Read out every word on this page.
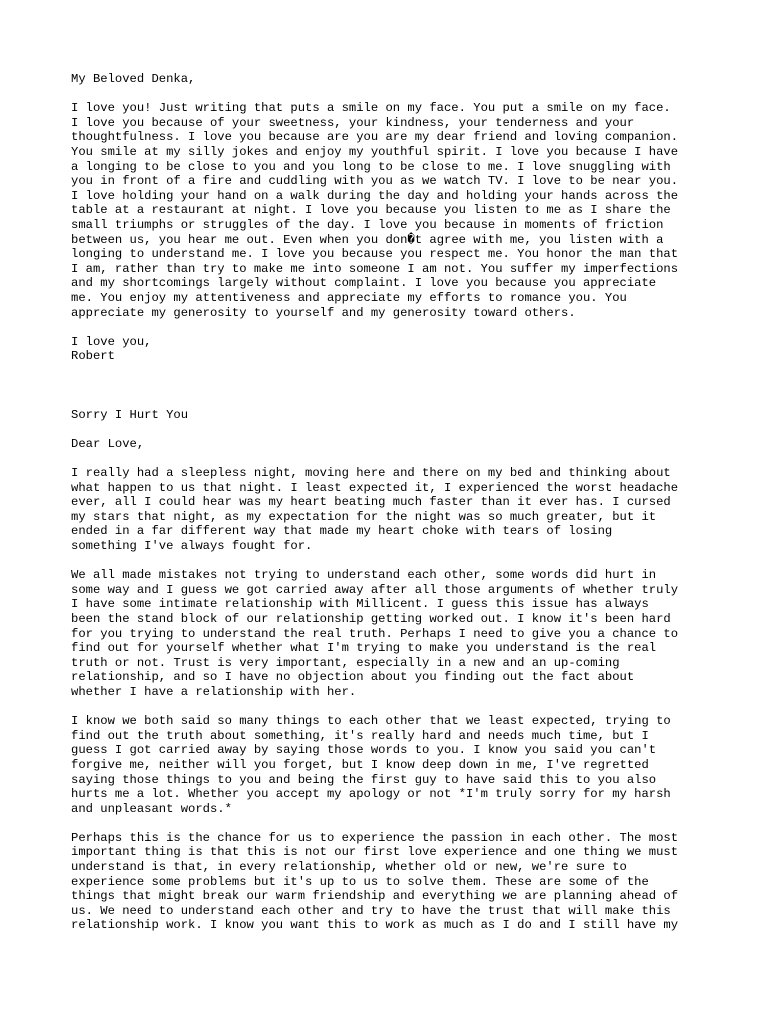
My Beloved Denka,
I love you! Just writing that puts a smile on my face. You put a smile on my face.
I love you because of your sweetness, your kindness, your tenderness and your
thoughtfulness. I love you because are you are my dear friend and loving companion.
You smile at my silly jokes and enjoy my youthful spirit. I love you because I have
a longing to be close to you and you long to be close to me. I love snuggling with
you in front of a fire and cuddling with you as we watch TV. I love to be near you.
I love holding your hand on a walk during the day and holding your hands across the
table at a restaurant at night. I love you because you listen to me as I share the
small triumphs or struggles of the day. I love you because in moments of friction
between us, you hear me out. Even when you don�t agree with me, you listen with a
longing to understand me. I love you because you respect me. You honor the man that
I am, rather than try to make me into someone I am not. You suffer my imperfections
and my shortcomings largely without complaint. I love you because you appreciate
me. You enjoy my attentiveness and appreciate my efforts to romance you. You
appreciate my generosity to yourself and my generosity toward others.
I love you,
Robert
Sorry I Hurt You
Dear Love,
I really had a sleepless night, moving here and there on my bed and thinking about
what happen to us that night. I least expected it, I experienced the worst headache
ever, all I could hear was my heart beating much faster than it ever has. I cursed
my stars that night, as my expectation for the night was so much greater, but it
ended in a far different way that made my heart choke with tears of losing
something I've always fought for.
We all made mistakes not trying to understand each other, some words did hurt in
some way and I guess we got carried away after all those arguments of whether truly
I have some intimate relationship with Millicent. I guess this issue has always
been the stand block of our relationship getting worked out. I know it's been hard
for you trying to understand the real truth. Perhaps I need to give you a chance to
find out for yourself whether what I'm trying to make you understand is the real
truth or not. Trust is very important, especially in a new and an up-coming
relationship, and so I have no objection about you finding out the fact about
whether I have a relationship with her.
I know we both said so many things to each other that we least expected, trying to
find out the truth about something, it's really hard and needs much time, but I
guess I got carried away by saying those words to you. I know you said you can't
forgive me, neither will you forget, but I know deep down in me, I've regretted
saying those things to you and being the first guy to have said this to you also
hurts me a lot. Whether you accept my apology or not *I'm truly sorry for my harsh
and unpleasant words.*
Perhaps this is the chance for us to experience the passion in each other. The most
important thing is that this is not our first love experience and one thing we must
understand is that, in every relationship, whether old or new, we're sure to
experience some problems but it's up to us to solve them. These are some of the
things that might break our warm friendship and everything we are planning ahead of
us. We need to understand each other and try to have the trust that will make this
relationship work. I know you want this to work as much as I do and I still have my
